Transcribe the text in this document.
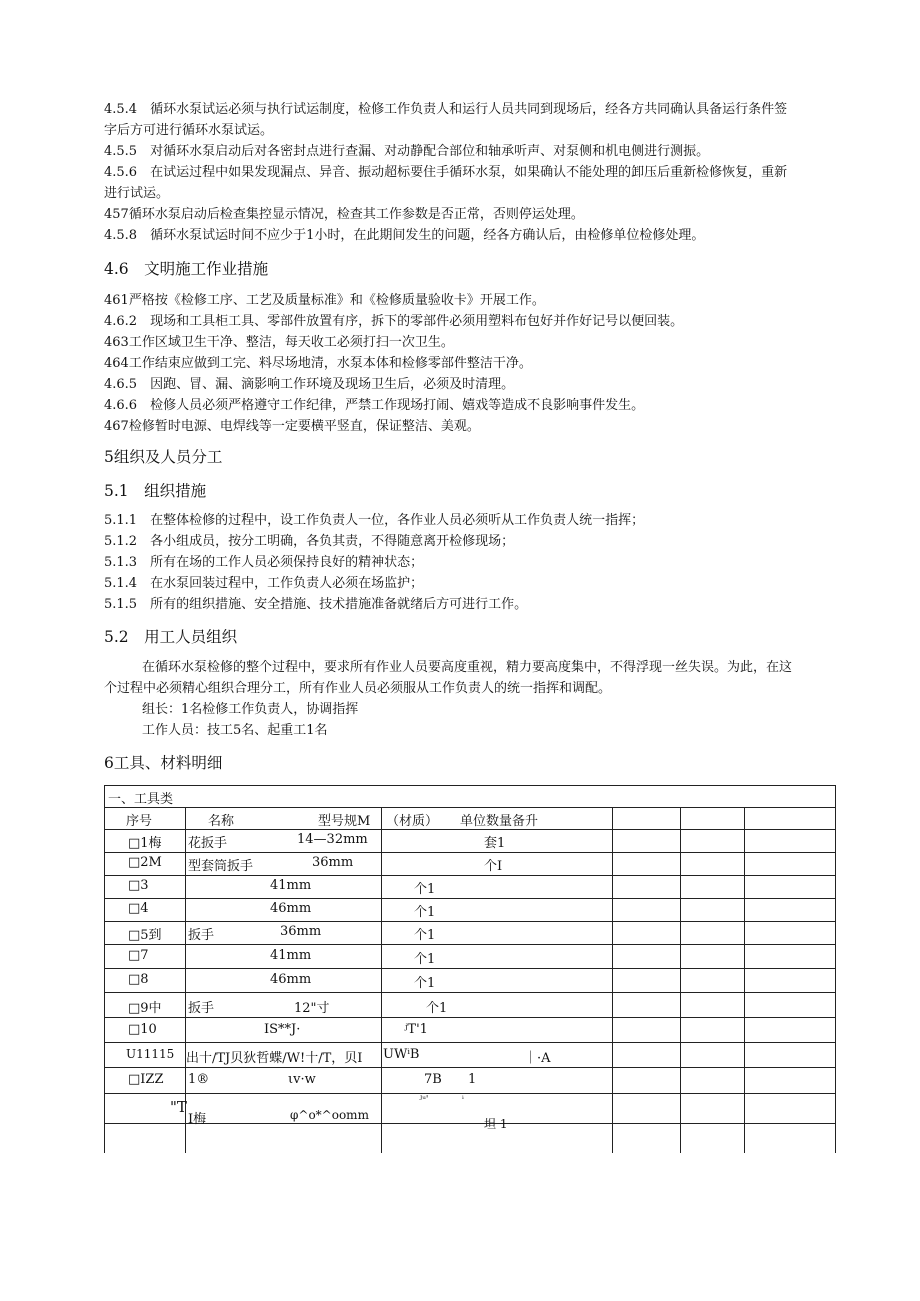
4.5.4　循环水泵试运必须与执行试运制度，检修工作负责人和运行人员共同到现场后，经各方共同确认具备运行条件签
字后方可进行循环水泵试运。
4.5.5　对循环水泵启动后对各密封点进行查漏、对动静配合部位和轴承听声、对泵侧和机电侧进行测振。
4.5.6　在试运过程中如果发现漏点、异音、振动超标要住手循环水泵，如果确认不能处理的卸压后重新检修恢复，重新
进行试运。
457循环水泵启动后检查集控显示情况，检查其工作参数是否正常，否则停运处理。
4.5.8　循环水泵试运时间不应少于1小时，在此期间发生的问题，经各方确认后，由检修单位检修处理。
4.6　文明施工作业措施
461严格按《检修工序、工艺及质量标准》和《检修质量验收卡》开展工作。
4.6.2　现场和工具柜工具、零部件放置有序，拆下的零部件必须用塑料布包好并作好记号以便回装。
463工作区域卫生干净、整洁，每天收工必须打扫一次卫生。
464工作结束应做到工完、料尽场地清，水泵本体和检修零部件整洁干净。
4.6.5　因跑、冒、漏、滴影响工作环境及现场卫生后，必须及时清理。
4.6.6　检修人员必须严格遵守工作纪律，严禁工作现场打闹、嬉戏等造成不良影响事件发生。
467检修暂时电源、电焊线等一定要横平竖直，保证整洁、美观。
5组织及人员分工
5.1　组织措施
5.1.1　在整体检修的过程中，设工作负责人一位，各作业人员必须听从工作负责人统一指挥；
5.1.2　各小组成员，按分工明确，各负其责，不得随意离开检修现场；
5.1.3　所有在场的工作人员必须保持良好的精神状态；
5.1.4　在水泵回装过程中，工作负责人必须在场监护；
5.1.5　所有的组织措施、安全措施、技术措施准备就绪后方可进行工作。
5.2　用工人员组织
在循环水泵检修的整个过程中，要求所有作业人员要高度重视，精力要高度集中，不得浮现一丝失误。为此，在这
个过程中必须精心组织合理分工，所有作业人员必须服从工作负责人的统一指挥和调配。
组长：1名检修工作负责人，协调指挥
工作人员：技工5名、起重工1名
6工具、材料明细
一、工具类
序号	名称	型号规M （材质） 单位数量备升
□1梅 花扳手	14—32mm	套1
□2M 型套筒扳手	36mm	个I
□3	41mm	个1
□4	46mm	个1
□5到 扳手	36mm	个1
□7	41mm	个1
□8	46mm	个1
□9中 扳手	12"寸	个1
□10	IS**J·	ʲT'1
U11115 出十/TJ贝狄哲蝶/W!十/T，贝I UWⁱB	｜·A
□IZZ 1®	ιv·w	7B 1
"T
I梅	φ^o*^oomm
ᴶᵘ'	ⁱ
坦 1
